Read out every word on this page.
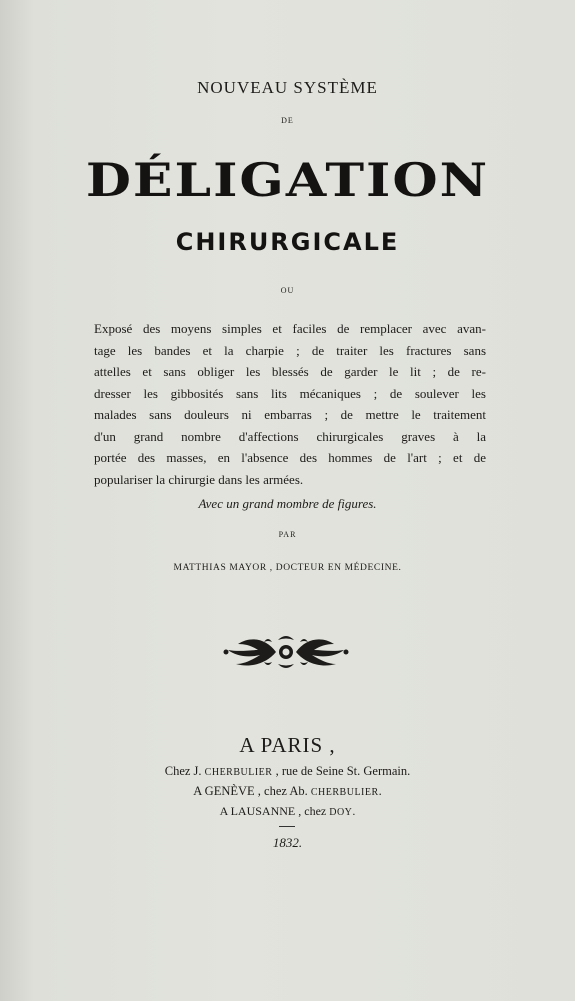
NOUVEAU SYSTÈME
DE
DÉLIGATION
CHIRURGICALE
OU
Exposé des moyens simples et faciles de remplacer avec avan-
tage les bandes et la charpie ; de traiter les fractures sans
attelles et sans obliger les blessés de garder le lit ; de re-
dresser les gibbosités sans lits mécaniques ; de soulever les
malades sans douleurs ni embarras ; de mettre le traitement
d'un grand nombre d'affections chirurgicales graves à la
portée des masses, en l'absence des hommes de l'art ; et de
populariser la chirurgie dans les armées.
Avec un grand mombre de figures.
PAR
MATTHIAS MAYOR , DOCTEUR EN MÉDECINE.
A PARIS ,
Chez J. CHERBULIER , rue de Seine St. Germain.
A GENÈVE , chez Ab. CHERBULIER.
A LAUSANNE , chez DOY.
1832.
